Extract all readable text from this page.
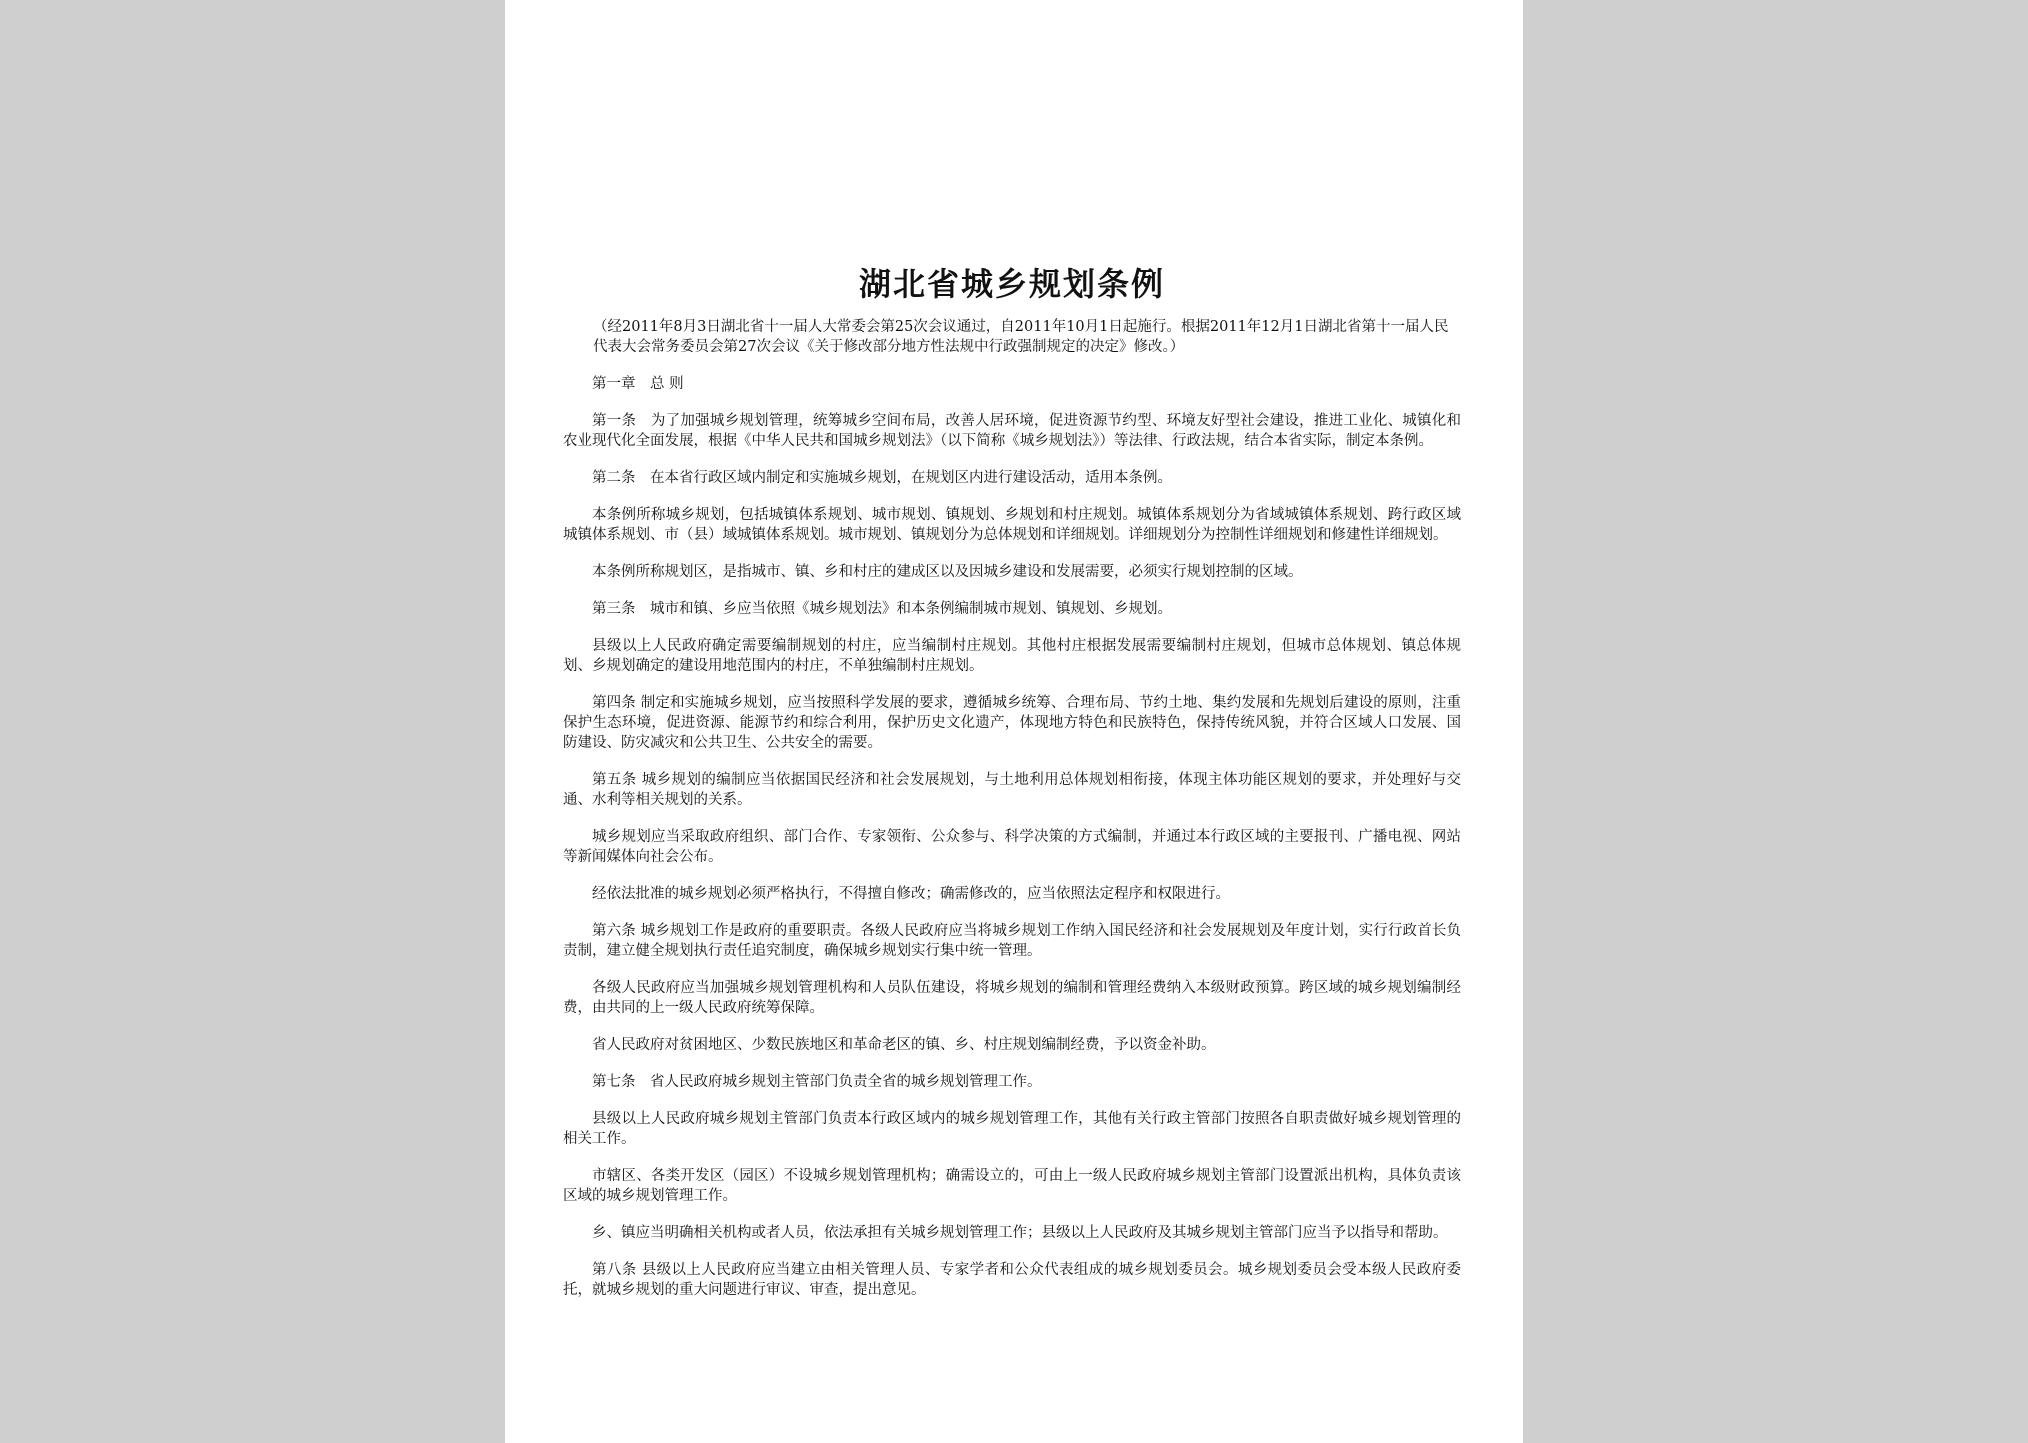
湖北省城乡规划条例

（经2011年8月3日湖北省十一届人大常委会第25次会议通过，自2011年10月1日起施行。根据2011年12月1日湖北省第十一届人民代表大会常务委员会第27次会议《关于修改部分地方性法规中行政强制规定的决定》修改。）

第一章　总 则

第一条　为了加强城乡规划管理，统筹城乡空间布局，改善人居环境，促进资源节约型、环境友好型社会建设，推进工业化、城镇化和农业现代化全面发展，根据《中华人民共和国城乡规划法》（以下简称《城乡规划法》）等法律、行政法规，结合本省实际，制定本条例。

第二条　在本省行政区域内制定和实施城乡规划，在规划区内进行建设活动，适用本条例。

本条例所称城乡规划，包括城镇体系规划、城市规划、镇规划、乡规划和村庄规划。城镇体系规划分为省域城镇体系规划、跨行政区域城镇体系规划、市（县）域城镇体系规划。城市规划、镇规划分为总体规划和详细规划。详细规划分为控制性详细规划和修建性详细规划。

本条例所称规划区，是指城市、镇、乡和村庄的建成区以及因城乡建设和发展需要，必须实行规划控制的区域。

第三条　城市和镇、乡应当依照《城乡规划法》和本条例编制城市规划、镇规划、乡规划。

县级以上人民政府确定需要编制规划的村庄，应当编制村庄规划。其他村庄根据发展需要编制村庄规划，但城市总体规划、镇总体规划、乡规划确定的建设用地范围内的村庄，不单独编制村庄规划。

第四条 制定和实施城乡规划，应当按照科学发展的要求，遵循城乡统筹、合理布局、节约土地、集约发展和先规划后建设的原则，注重保护生态环境，促进资源、能源节约和综合利用，保护历史文化遗产，体现地方特色和民族特色，保持传统风貌，并符合区域人口发展、国防建设、防灾减灾和公共卫生、公共安全的需要。

第五条 城乡规划的编制应当依据国民经济和社会发展规划，与土地利用总体规划相衔接，体现主体功能区规划的要求，并处理好与交通、水利等相关规划的关系。

城乡规划应当采取政府组织、部门合作、专家领衔、公众参与、科学决策的方式编制，并通过本行政区域的主要报刊、广播电视、网站等新闻媒体向社会公布。

经依法批准的城乡规划必须严格执行，不得擅自修改；确需修改的，应当依照法定程序和权限进行。

第六条 城乡规划工作是政府的重要职责。各级人民政府应当将城乡规划工作纳入国民经济和社会发展规划及年度计划，实行行政首长负责制，建立健全规划执行责任追究制度，确保城乡规划实行集中统一管理。

各级人民政府应当加强城乡规划管理机构和人员队伍建设，将城乡规划的编制和管理经费纳入本级财政预算。跨区域的城乡规划编制经费，由共同的上一级人民政府统筹保障。

省人民政府对贫困地区、少数民族地区和革命老区的镇、乡、村庄规划编制经费，予以资金补助。

第七条　省人民政府城乡规划主管部门负责全省的城乡规划管理工作。

县级以上人民政府城乡规划主管部门负责本行政区域内的城乡规划管理工作，其他有关行政主管部门按照各自职责做好城乡规划管理的相关工作。

市辖区、各类开发区（园区）不设城乡规划管理机构；确需设立的，可由上一级人民政府城乡规划主管部门设置派出机构，具体负责该区域的城乡规划管理工作。

乡、镇应当明确相关机构或者人员，依法承担有关城乡规划管理工作；县级以上人民政府及其城乡规划主管部门应当予以指导和帮助。

第八条 县级以上人民政府应当建立由相关管理人员、专家学者和公众代表组成的城乡规划委员会。城乡规划委员会受本级人民政府委托，就城乡规划的重大问题进行审议、审查，提出意见。
